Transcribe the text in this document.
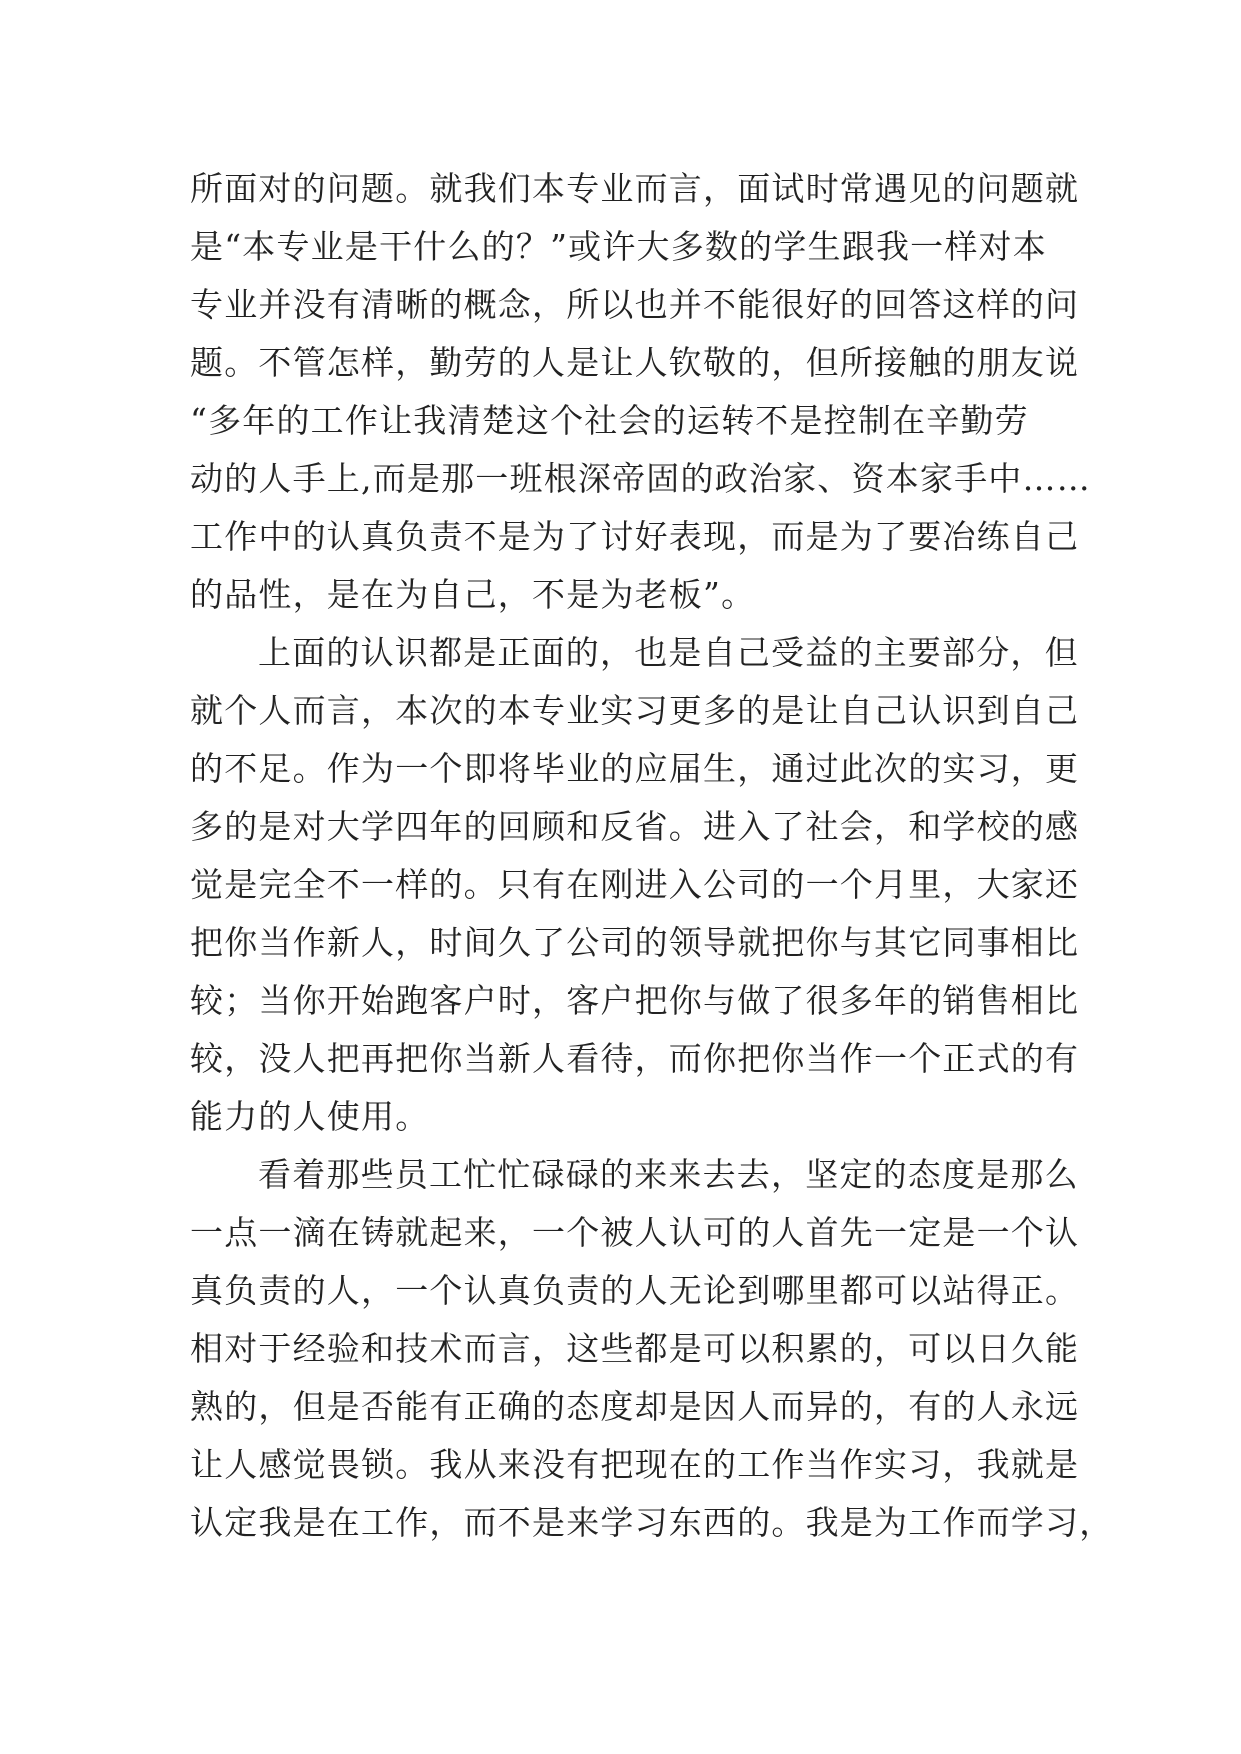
所面对的问题。就我们本专业而言，面试时常遇见的问题就
是“本专业是干什么的？”或许大多数的学生跟我一样对本
专业并没有清晰的概念，所以也并不能很好的回答这样的问
题。不管怎样，勤劳的人是让人钦敬的，但所接触的朋友说
“多年的工作让我清楚这个社会的运转不是控制在辛勤劳
动的人手上,而是那一班根深帝固的政治家、资本家手中……
工作中的认真负责不是为了讨好表现，而是为了要冶练自己
的品性，是在为自己，不是为老板”。
上面的认识都是正面的，也是自己受益的主要部分，但
就个人而言，本次的本专业实习更多的是让自己认识到自己
的不足。作为一个即将毕业的应届生，通过此次的实习，更
多的是对大学四年的回顾和反省。进入了社会，和学校的感
觉是完全不一样的。只有在刚进入公司的一个月里，大家还
把你当作新人，时间久了公司的领导就把你与其它同事相比
较；当你开始跑客户时，客户把你与做了很多年的销售相比
较，没人把再把你当新人看待，而你把你当作一个正式的有
能力的人使用。
看着那些员工忙忙碌碌的来来去去，坚定的态度是那么
一点一滴在铸就起来，一个被人认可的人首先一定是一个认
真负责的人，一个认真负责的人无论到哪里都可以站得正。
相对于经验和技术而言，这些都是可以积累的，可以日久能
熟的，但是否能有正确的态度却是因人而异的，有的人永远
让人感觉畏锁。我从来没有把现在的工作当作实习，我就是
认定我是在工作，而不是来学习东西的。我是为工作而学习，
